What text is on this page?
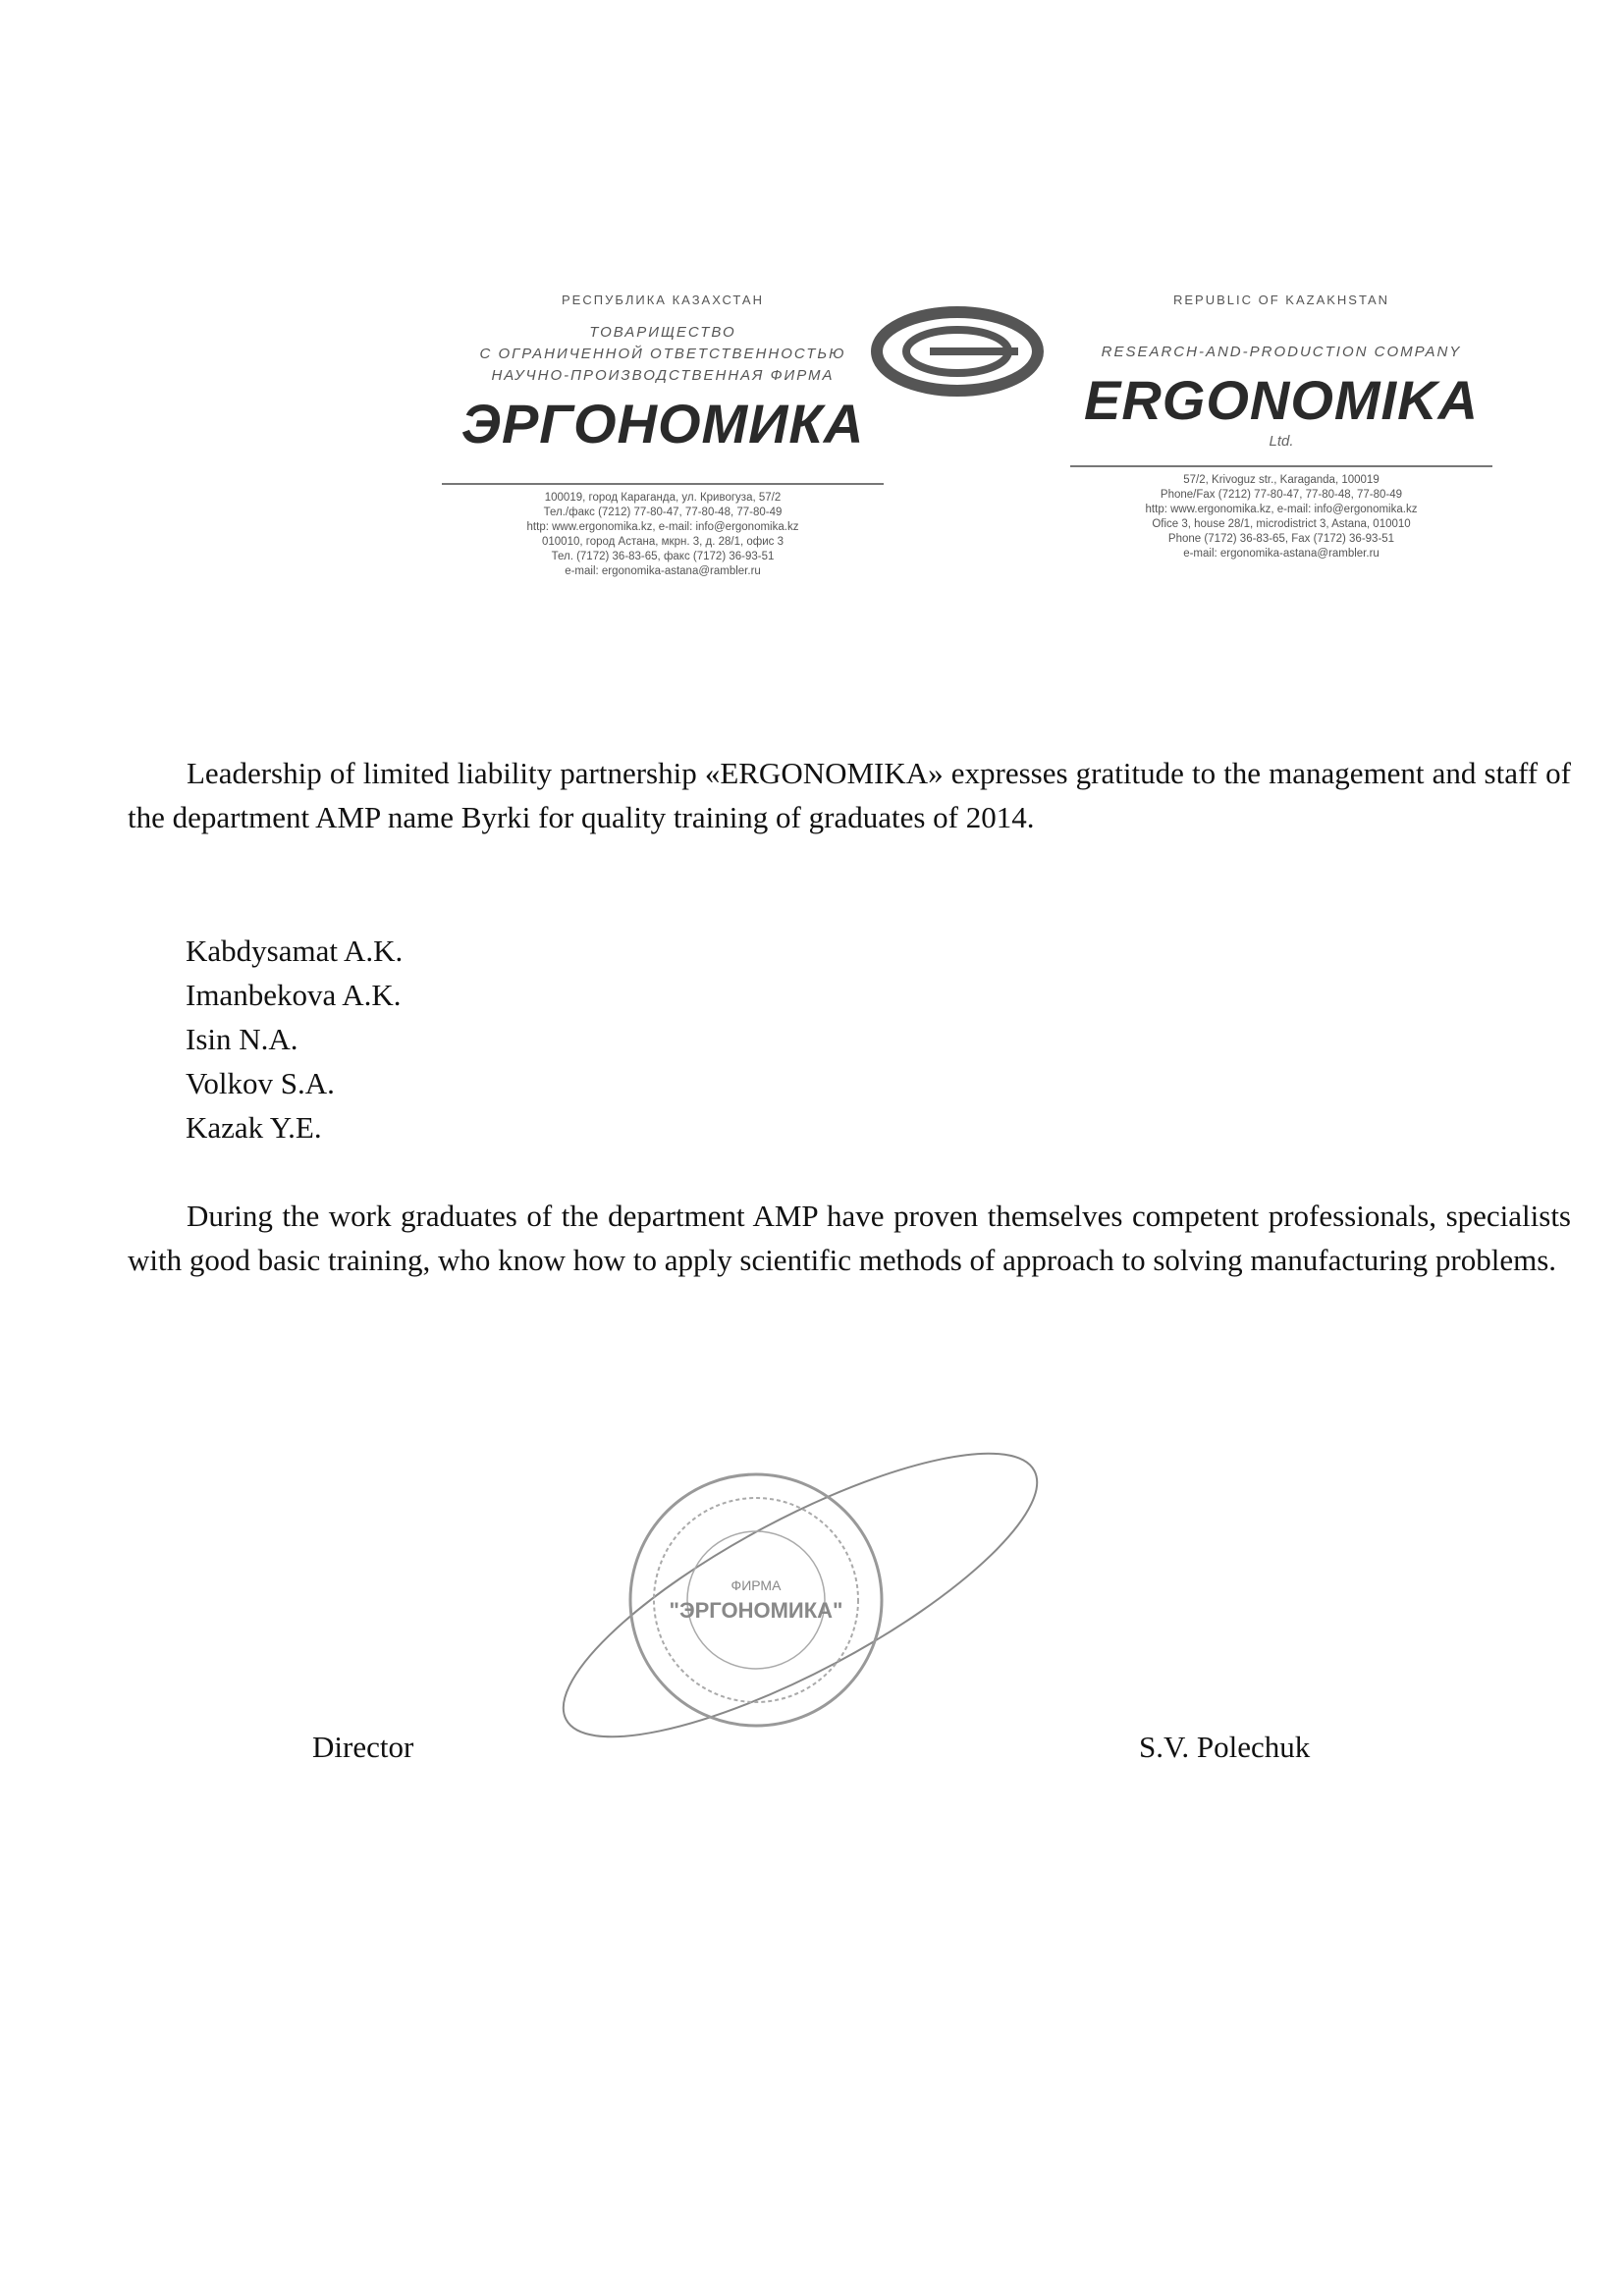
РЕСПУБЛИКА КАЗАХСТАН
ТОВАРИЩЕСТВО
С ОГРАНИЧЕННОЙ ОТВЕТСТВЕННОСТЬЮ
НАУЧНО-ПРОИЗВОДСТВЕННАЯ ФИРМА
ЭРГОНОМИКА
100019, город Караганда, ул. Кривогуза, 57/2
Тел./факс (7212) 77-80-47, 77-80-48, 77-80-49
http: www.ergonomika.kz, e-mail: info@ergonomika.kz
010010, город Астана, мкрн. 3, д. 28/1, офис 3
Тел. (7172) 36-83-65, факс (7172) 36-93-51
e-mail: ergonomika-astana@rambler.ru
REPUBLIC OF KAZAKHSTAN
RESEARCH-AND-PRODUCTION COMPANY
ERGONOMIKA
Ltd.
57/2, Krivoguz str., Karaganda, 100019
Phone/Fax (7212) 77-80-47, 77-80-48, 77-80-49
http: www.ergonomika.kz, e-mail: info@ergonomika.kz
Ofice 3, house 28/1, microdistrict 3, Astana, 010010
Phone (7172) 36-83-65, Fax (7172) 36-93-51
e-mail: ergonomika-astana@rambler.ru
Leadership of limited liability partnership «ERGONOMIKA» expresses gratitude to the management and staff of the department AMP name Byrki for quality training of graduates of 2014.
Kabdysamat A.K.
Imanbekova A.K.
Isin N.A.
Volkov S.A.
Kazak Y.E.
During the work graduates of the department AMP have proven themselves competent professionals, specialists with good basic training, who know how to apply scientific methods of approach to solving manufacturing problems.
ФИРМА
"ЭРГОНОМИКА"
Director	S.V. Polechuk
